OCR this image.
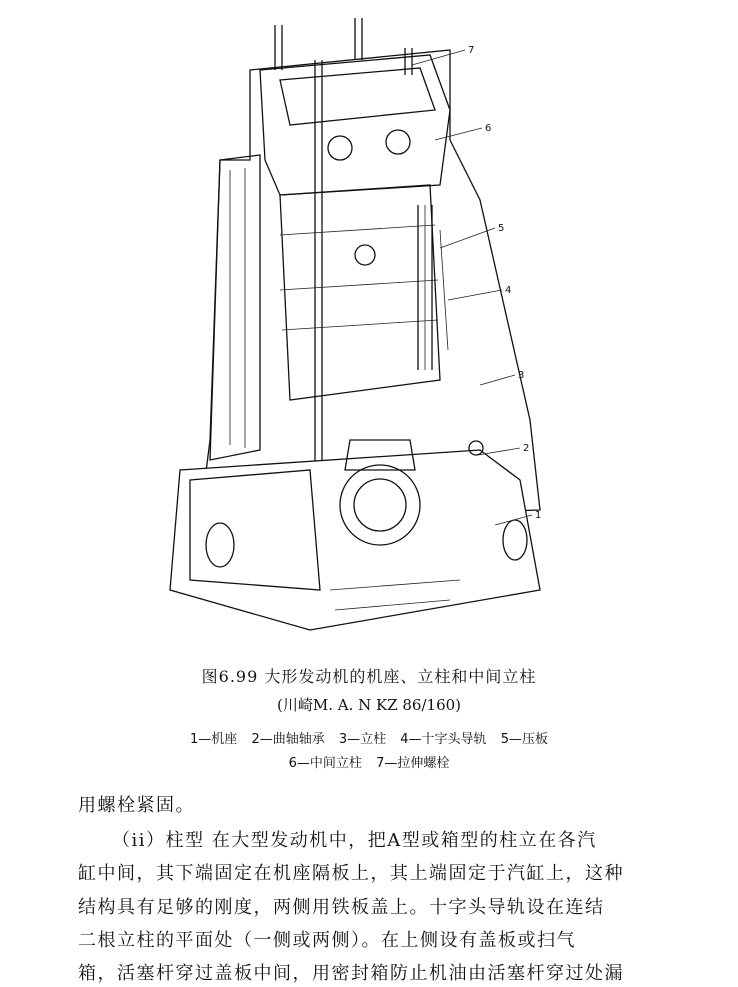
7
6
5
4
3
2
1
图6.99 大形发动机的机座、立柱和中间立柱
(川崎M. A. N KZ 86/160)
1—机座 2—曲轴轴承 3—立柱 4—十字头导轨 5—压板
6—中间立柱 7—拉伸螺栓
用螺栓紧固。
（ii）柱型 在大型发动机中，把A型或箱型的柱立在各汽
缸中间，其下端固定在机座隔板上，其上端固定于汽缸上，这种
结构具有足够的刚度，两侧用铁板盖上。十字头导轨设在连结
二根立柱的平面处（一侧或两侧）。在上侧设有盖板或扫气
箱，活塞杆穿过盖板中间，用密封箱防止机油由活塞杆穿过处漏
